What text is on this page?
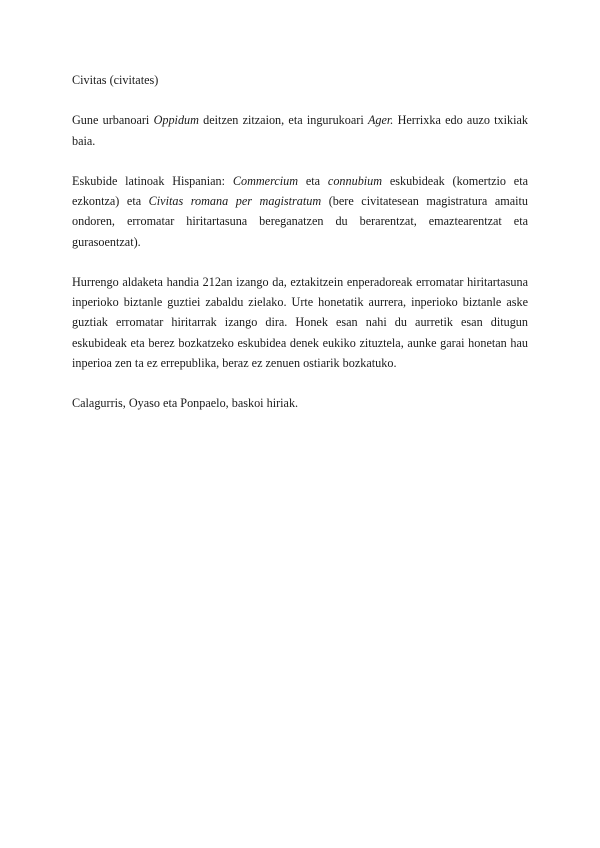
Civitas (civitates)

Gune urbanoari Oppidum deitzen zitzaion, eta ingurukoari Ager. Herrixka edo auzo txikiak baia.

Eskubide latinoak Hispanian: Commercium eta connubium eskubideak (komertzio eta ezkontza) eta Civitas romana per magistratum (bere civitatesean magistratura amaitu ondoren, erromatar hiritartasuna bereganatzen du berarentzat, emaztearentzat eta gurasoentzat).

Hurrengo aldaketa handia 212an izango da, eztakitzein enperadoreak erromatar hiritartasuna inperioko biztanle guztiei zabaldu zielako. Urte honetatik aurrera, inperioko biztanle aske guztiak erromatar hiritarrak izango dira. Honek esan nahi du aurretik esan ditugun eskubideak eta berez bozkatzeko eskubidea denek eukiko zituztela, aunke garai honetan hau inperioa zen ta ez errepublika, beraz ez zenuen ostiarik bozkatuko.

Calagurris, Oyaso eta Ponpaelo, baskoi hiriak.
